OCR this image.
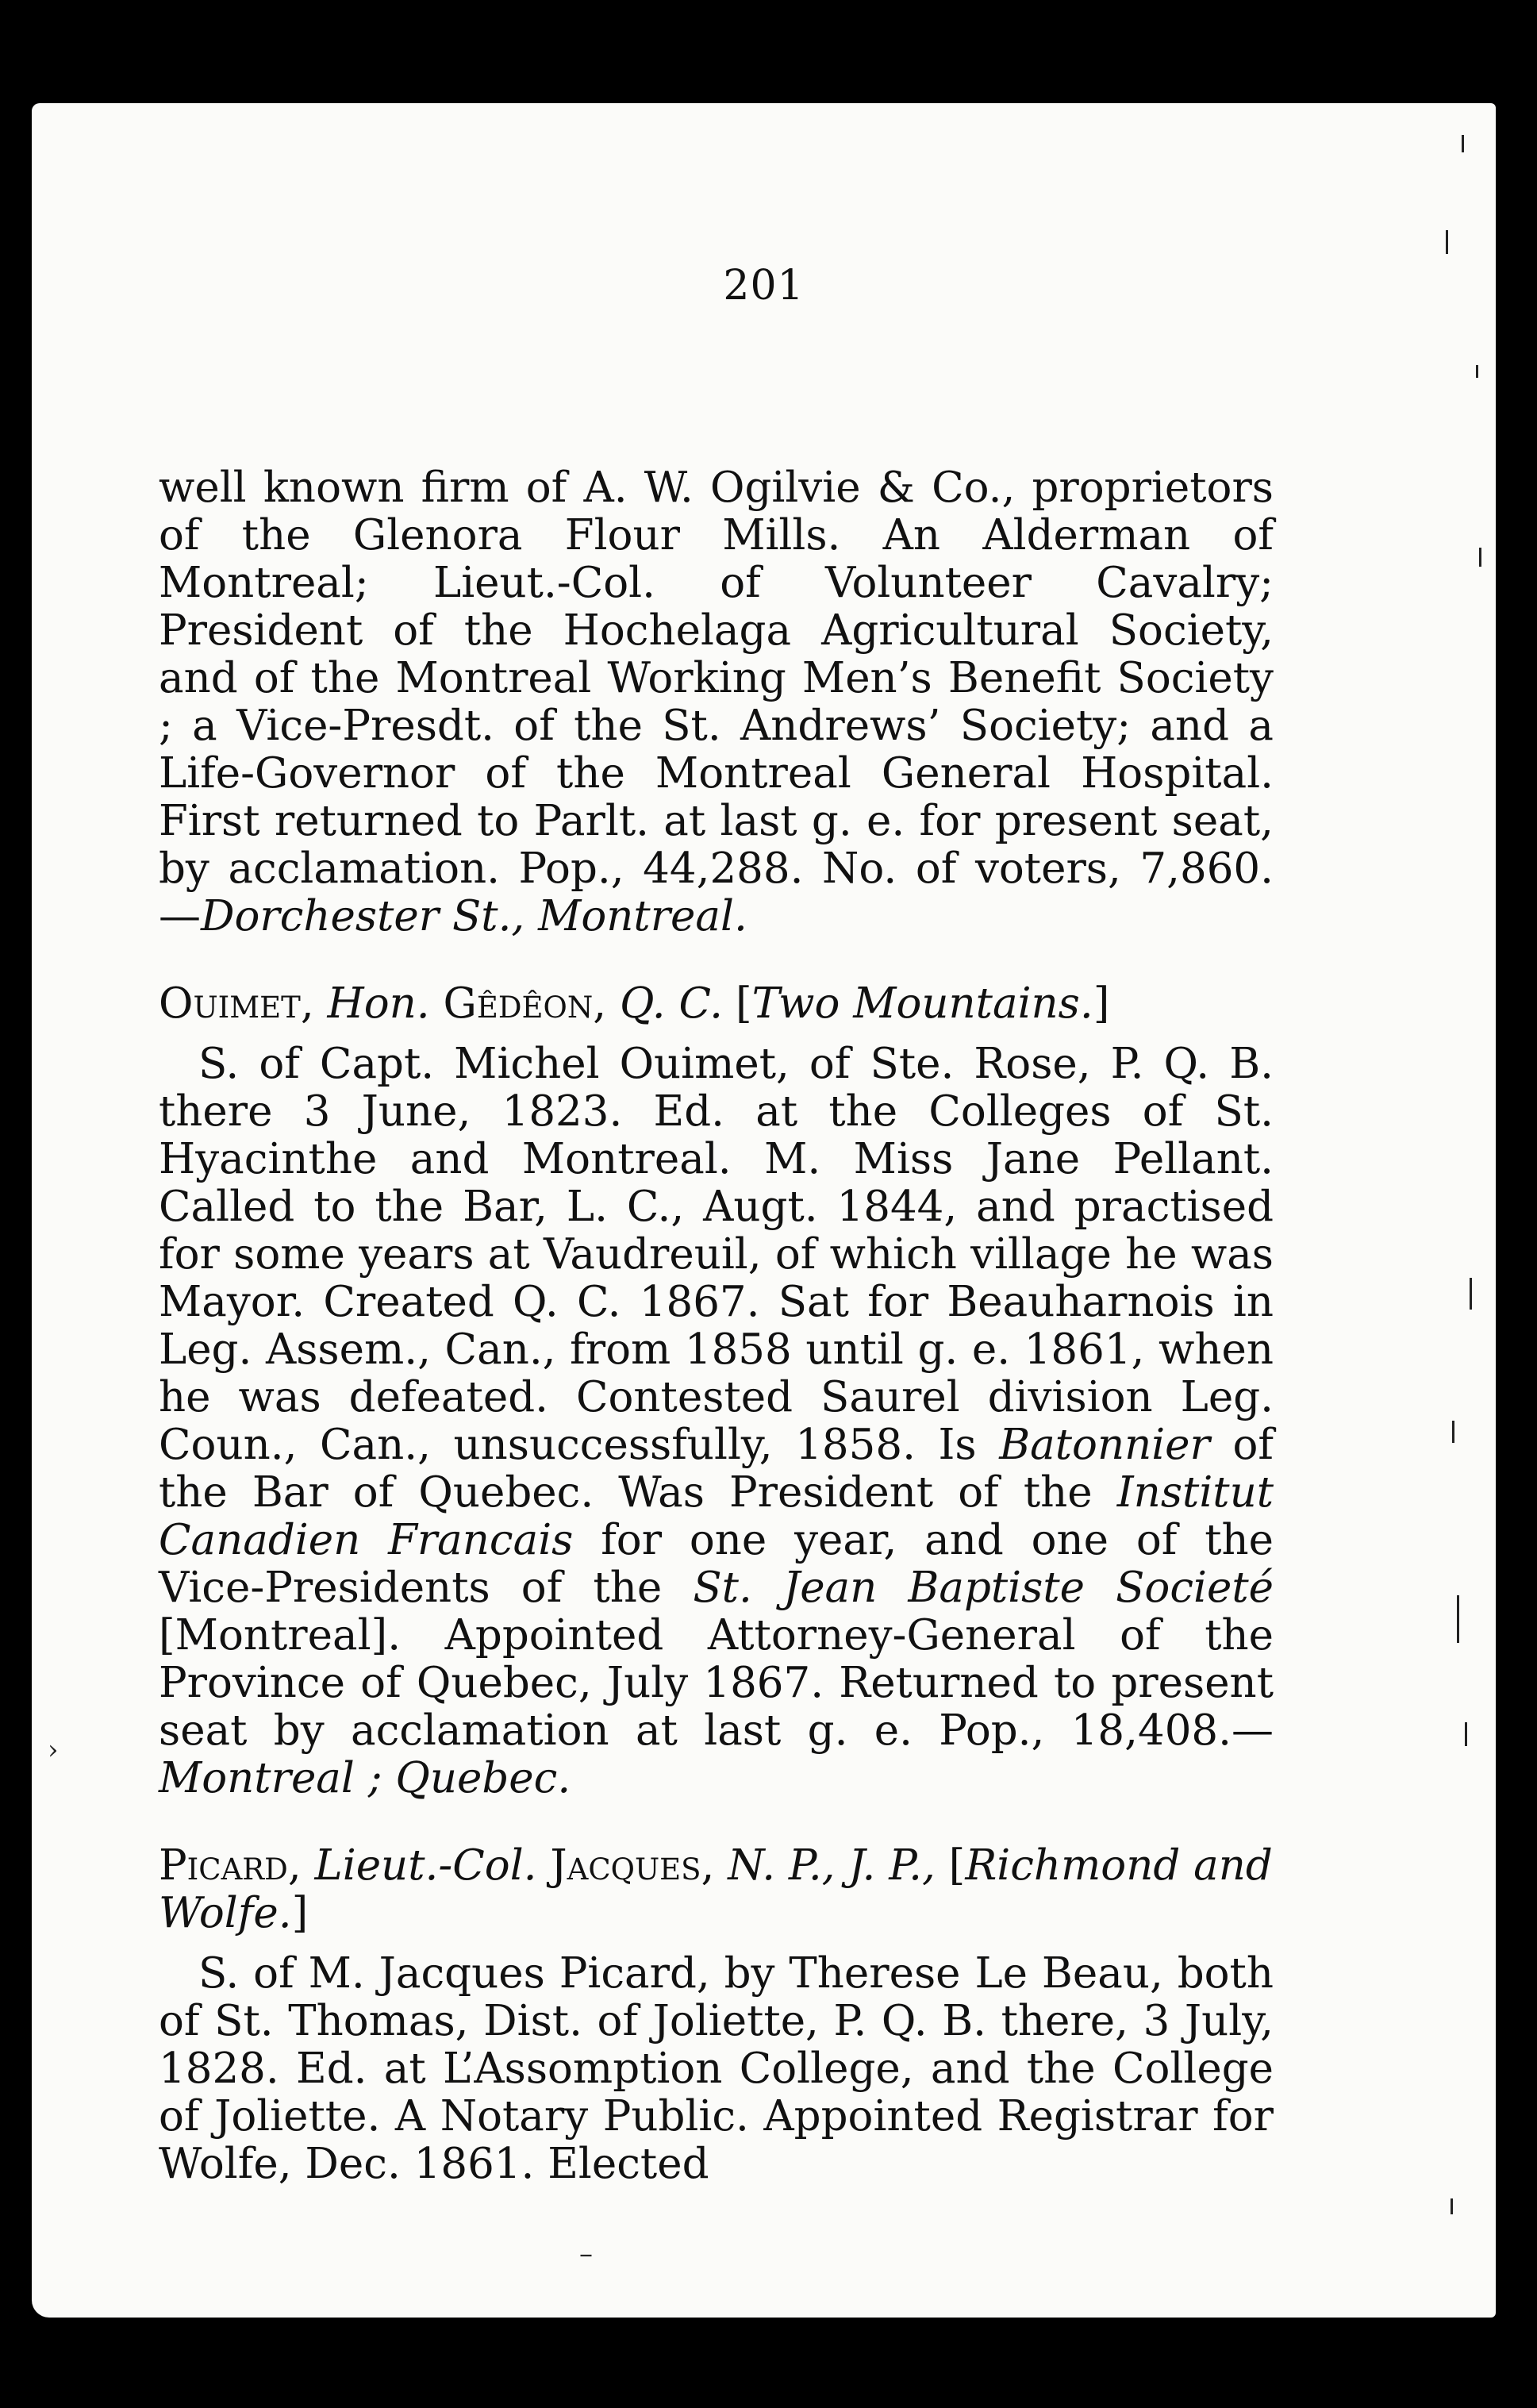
201

well known firm of A. W. Ogilvie & Co., proprietors of the Glenora Flour Mills. An Alderman of Montreal; Lieut.-Col. of Volunteer Cavalry; President of the Hochelaga Agricultural Society, and of the Montreal Working Men’s Benefit Society ; a Vice-Presdt. of the St. Andrews’ Society; and a Life-Governor of the Montreal General Hospital. First returned to Parlt. at last g. e. for present seat, by acclamation. Pop., 44,288. No. of voters, 7,860.—Dorchester St., Montreal.

Ouimet, Hon. Gêdêon, Q. C. [Two Mountains.]

S. of Capt. Michel Ouimet, of Ste. Rose, P. Q. B. there 3 June, 1823. Ed. at the Colleges of St. Hyacinthe and Montreal. M. Miss Jane Pellant. Called to the Bar, L. C., Augt. 1844, and practised for some years at Vaudreuil, of which village he was Mayor. Created Q. C. 1867. Sat for Beauharnois in Leg. Assem., Can., from 1858 until g. e. 1861, when he was defeated. Contested Saurel division Leg. Coun., Can., unsuccessfully, 1858. Is Batonnier of the Bar of Quebec. Was President of the Institut Canadien Francais for one year, and one of the Vice-Presidents of the St. Jean Baptiste Societé [Montreal]. Appointed Attorney-General of the Province of Quebec, July 1867. Returned to present seat by acclamation at last g. e. Pop., 18,408.—Montreal ; Quebec.

Picard, Lieut.-Col. Jacques, N. P., J. P., [Richmond and Wolfe.]

S. of M. Jacques Picard, by Therese Le Beau, both of St. Thomas, Dist. of Joliette, P. Q. B. there, 3 July, 1828. Ed. at L’Assomption College, and the College of Joliette. A Notary Public. Appointed Registrar for Wolfe, Dec. 1861. Elected

›
–
